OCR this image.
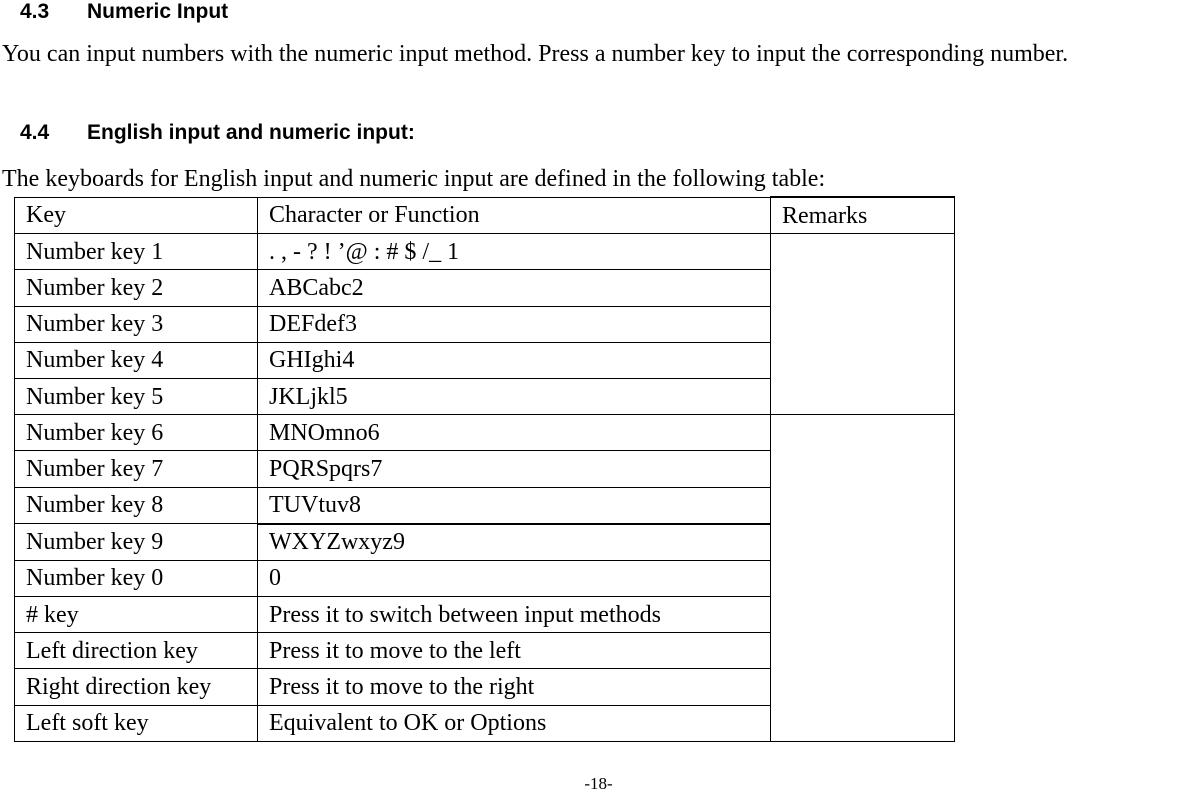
4.3 Numeric Input
You can input numbers with the numeric input method. Press a number key to input the corresponding number.
4.4 English input and numeric input:
The keyboards for English input and numeric input are defined in the following table:
Key	Character or Function	Remarks
Number key 1	. , - ? ! ’@ : # $ /_ 1	
Number key 2	ABCabc2	
Number key 3	DEFdef3	
Number key 4	GHIghi4	
Number key 5	JKLjkl5	
Number key 6	MNOmno6	
Number key 7	PQRSpqrs7	
Number key 8	TUVtuv8	
Number key 9	WXYZwxyz9	
Number key 0	0	
# key	Press it to switch between input methods	
Left direction key	Press it to move to the left	
Right direction key	Press it to move to the right	
Left soft key	Equivalent to OK or Options	
-18-
